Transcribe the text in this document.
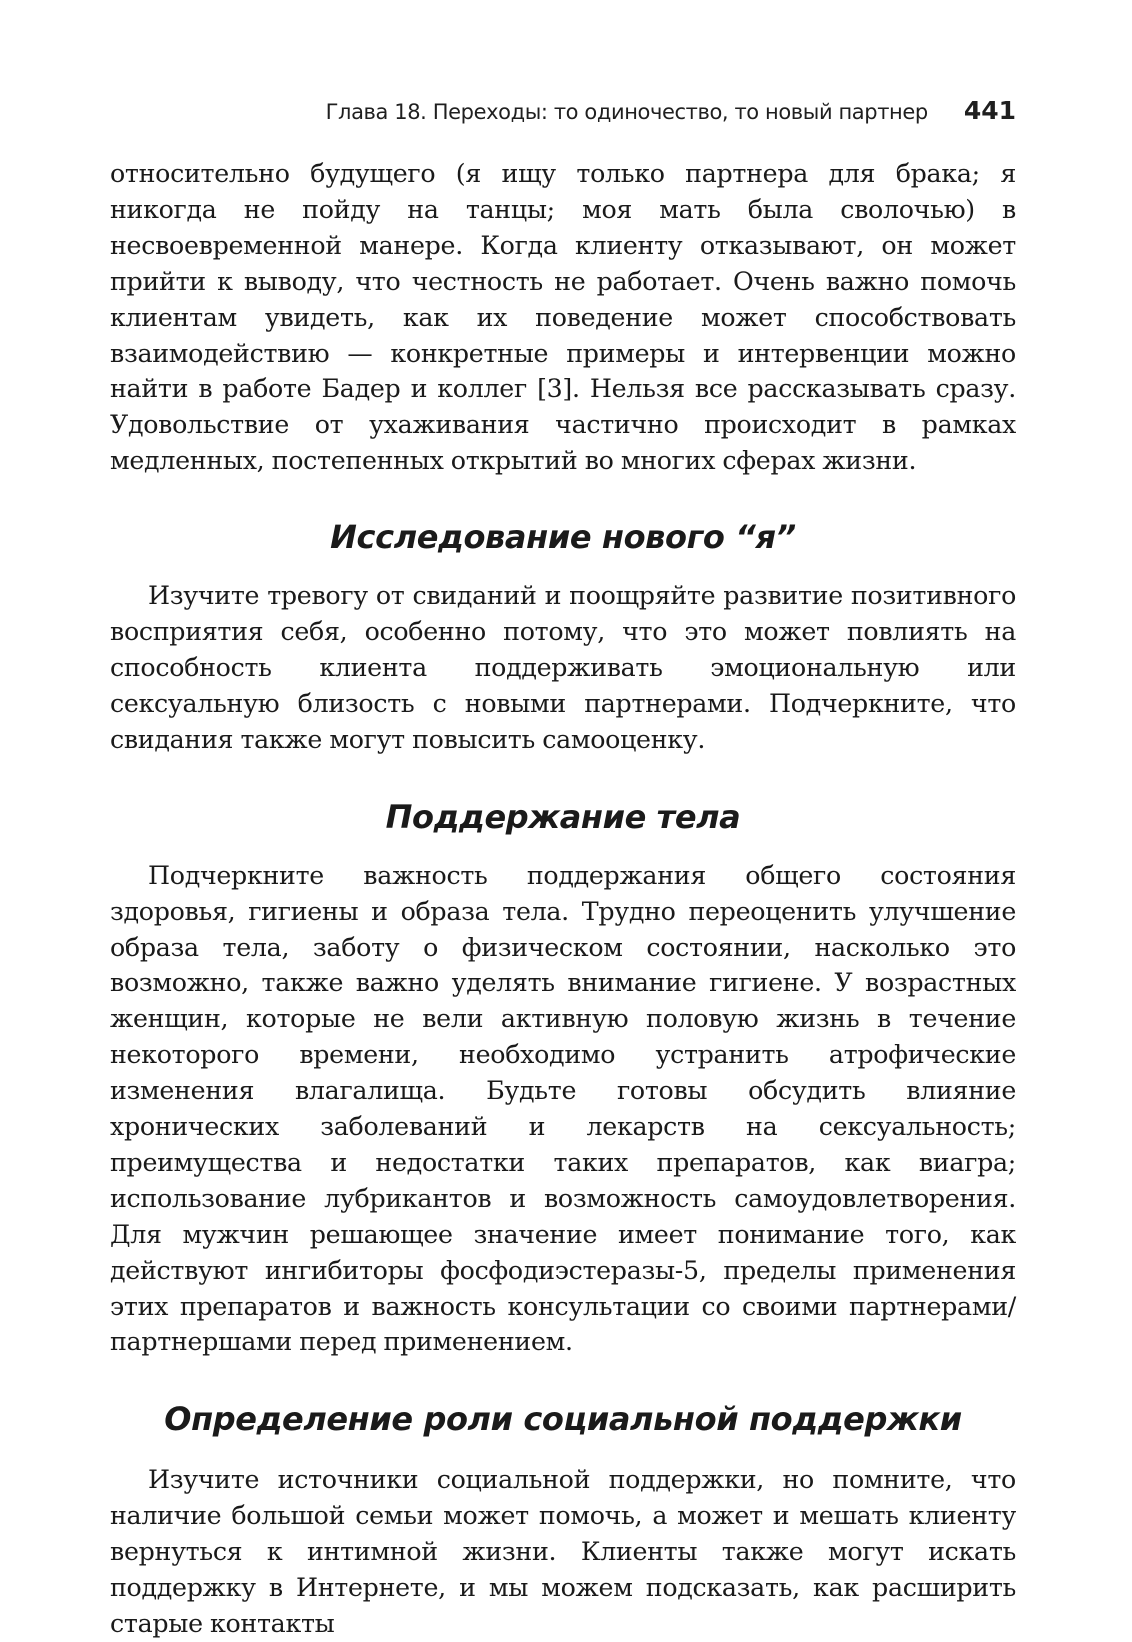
Глава 18. Переходы: то одиночество, то новый партнер 441

относительно будущего (я ищу только партнера для брака; я никогда не пойду на танцы; моя мать была сволочью) в несвоевременной манере. Когда клиенту отказывают, он может прийти к выводу, что честность не работает. Очень важно помочь клиентам увидеть, как их поведение может способствовать взаимодействию — конкретные примеры и интервенции можно найти в работе Бадер и коллег [3]. Нельзя все рассказывать сразу. Удовольствие от ухаживания частично происходит в рамках медленных, постепенных открытий во многих сферах жизни.

Исследование нового “я”

Изучите тревогу от свиданий и поощряйте развитие позитивного восприятия себя, особенно потому, что это может повлиять на способность клиента поддерживать эмоциональную или сексуальную близость с новыми партнерами. Подчеркните, что свидания также могут повысить самооценку.

Поддержание тела

Подчеркните важность поддержания общего состояния здоровья, гигиены и образа тела. Трудно переоценить улучшение образа тела, заботу о физическом состоянии, насколько это возможно, также важно уделять внимание гигиене. У возрастных женщин, которые не вели активную половую жизнь в течение некоторого времени, необходимо устранить атрофические изменения влагалища. Будьте готовы обсудить влияние хронических заболеваний и лекарств на сексуальность; преимущества и недостатки таких препаратов, как виагра; использование лубрикантов и возможность самоудовлетворения. Для мужчин решающее значение имеет понимание того, как действуют ингибиторы фосфодиэстеразы-5, пределы применения этих препаратов и важность консультации со своими партнерами/партнершами перед применением.

Определение роли социальной поддержки

Изучите источники социальной поддержки, но помните, что наличие большой семьи может помочь, а может и мешать клиенту вернуться к интимной жизни. Клиенты также могут искать поддержку в Интернете, и мы можем подсказать, как расширить старые контакты
